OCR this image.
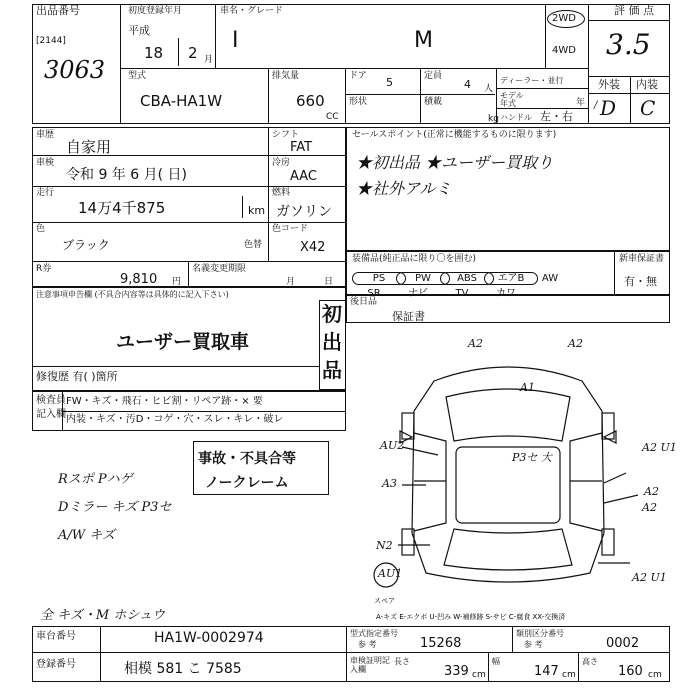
出品番号
[2144]
3063
初度登録年月
平成
18 2 月
車名・グレード
I	M
2WD
4WD
評 価 点
3.5
外装 内装
D C
型式
CBA-HA1W
排気量
660
CC
ドア 5	定員
4 人
形状	積載
kg
ディーラー・並行
モデル年式	年
ハンドル 左・右
/
車歴
自家用
シフト
FAT
車検
令和 9 年 6 月( 日)
冷房
AAC
走行
14万4千875	km
燃料
ガソリン
色
ブラック	色替
色コード
X42
R券
9,810 円
名義変更期限
月	日
セールスポイント(正常に機能するものに限ります)
★初出品 ★ユーザー買取り
★社外アルミ
装備品(純正品に限り〇を囲む)	新車保証書
有・無
PS	PW	ABS エアB AW
SR	ナビ	TV	カワ
後日品
保証書
注意事項申告欄 (不具合内容等は具体的に記入下さい)
ユーザー買取車
初出品
修復歴 有( )箇所
検査員
記入欄
FW・キズ・飛石・ヒビ割・リペア跡・× 要
内装・キズ・汚D・コゲ・穴・スレ・キレ・破レ
Rスポ Pハゲ
Dミラー キズ P3セ
A/W キズ
全 キズ・M ホシュウ
事故・不具合等
ノークレーム
A2	A2
A1
AU2
A3
P3セ 大
A2 U1
A2
N2
AU1
A2
A2 U1
スペア
A-キズ E-エクボ U-凹み W-補修跡 S-サビ C-腐食 XX-交換済
車台番号	HA1W-0002974
登録番号	相模 581 こ 7585
型式指定番号
参 考	15268
類別区分番号
参 考	0002
車検証明記入欄
長さ
339 cm
幅
147 cm
高さ
160 cm
